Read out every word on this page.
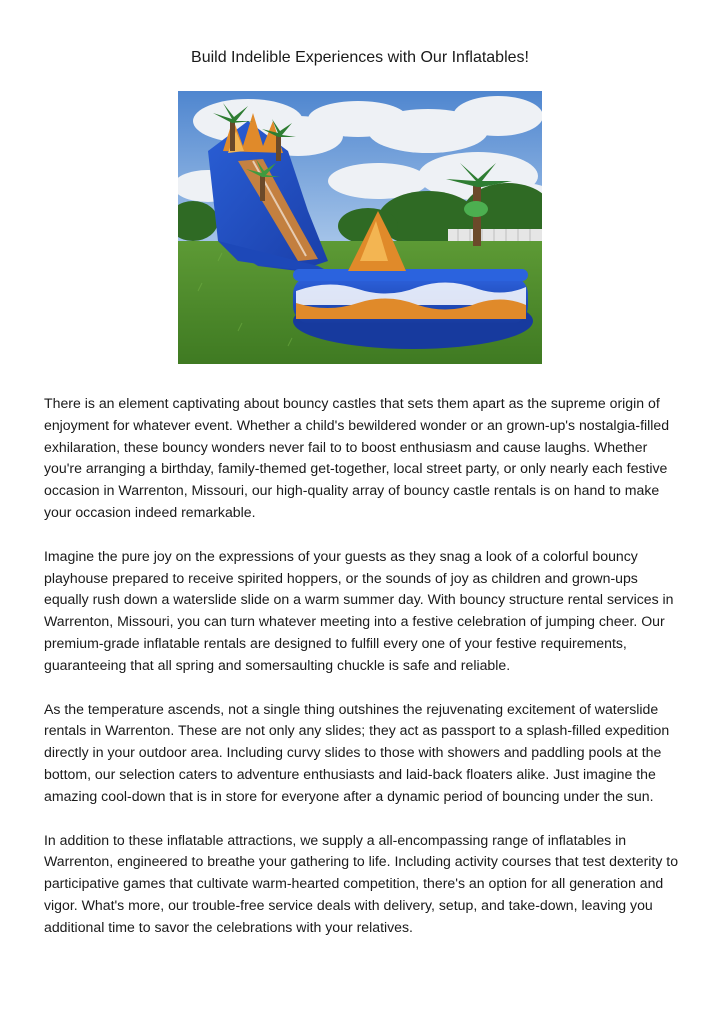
Build Indelible Experiences with Our Inflatables!

There is an element captivating about bouncy castles that sets them apart as the supreme origin of enjoyment for whatever event. Whether a child's bewildered wonder or an grown-up's nostalgia-filled exhilaration, these bouncy wonders never fail to to boost enthusiasm and cause laughs. Whether you're arranging a birthday, family-themed get-together, local street party, or only nearly each festive occasion in Warrenton, Missouri, our high-quality array of bouncy castle rentals is on hand to make your occasion indeed remarkable.

Imagine the pure joy on the expressions of your guests as they snag a look of a colorful bouncy playhouse prepared to receive spirited hoppers, or the sounds of joy as children and grown-ups equally rush down a waterslide slide on a warm summer day. With bouncy structure rental services in Warrenton, Missouri, you can turn whatever meeting into a festive celebration of jumping cheer. Our premium-grade inflatable rentals are designed to fulfill every one of your festive requirements, guaranteeing that all spring and somersaulting chuckle is safe and reliable.

As the temperature ascends, not a single thing outshines the rejuvenating excitement of waterslide rentals in Warrenton. These are not only any slides; they act as passport to a splash-filled expedition directly in your outdoor area. Including curvy slides to those with showers and paddling pools at the bottom, our selection caters to adventure enthusiasts and laid-back floaters alike. Just imagine the amazing cool-down that is in store for everyone after a dynamic period of bouncing under the sun.

In addition to these inflatable attractions, we supply a all-encompassing range of inflatables in Warrenton, engineered to breathe your gathering to life. Including activity courses that test dexterity to participative games that cultivate warm-hearted competition, there's an option for all generation and vigor. What's more, our trouble-free service deals with delivery, setup, and take-down, leaving you additional time to savor the celebrations with your relatives.
